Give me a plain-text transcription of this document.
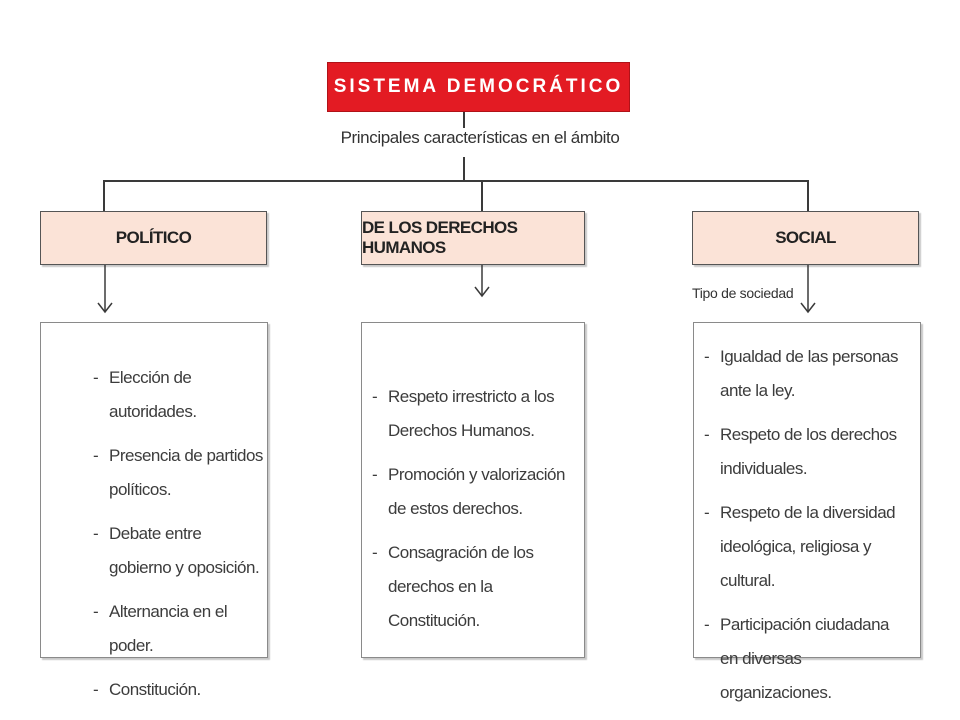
SISTEMA DEMOCRÁTICO
Principales características en el ámbito
POLÍTICO
DE LOS DERECHOS HUMANOS
SOCIAL
Tipo de sociedad
- Elección de autoridades.
- Presencia de partidos políticos.
- Debate entre gobierno y oposición.
- Alternancia en el poder.
- Constitución.
- Respeto irrestricto a los Derechos Humanos.
- Promoción y valorización de estos derechos.
- Consagración de los derechos en la Constitución.
- Igualdad de las personas ante la ley.
- Respeto de los derechos individuales.
- Respeto de la diversidad ideológica, religiosa y cultural.
- Participación ciudadana en diversas organizaciones.
